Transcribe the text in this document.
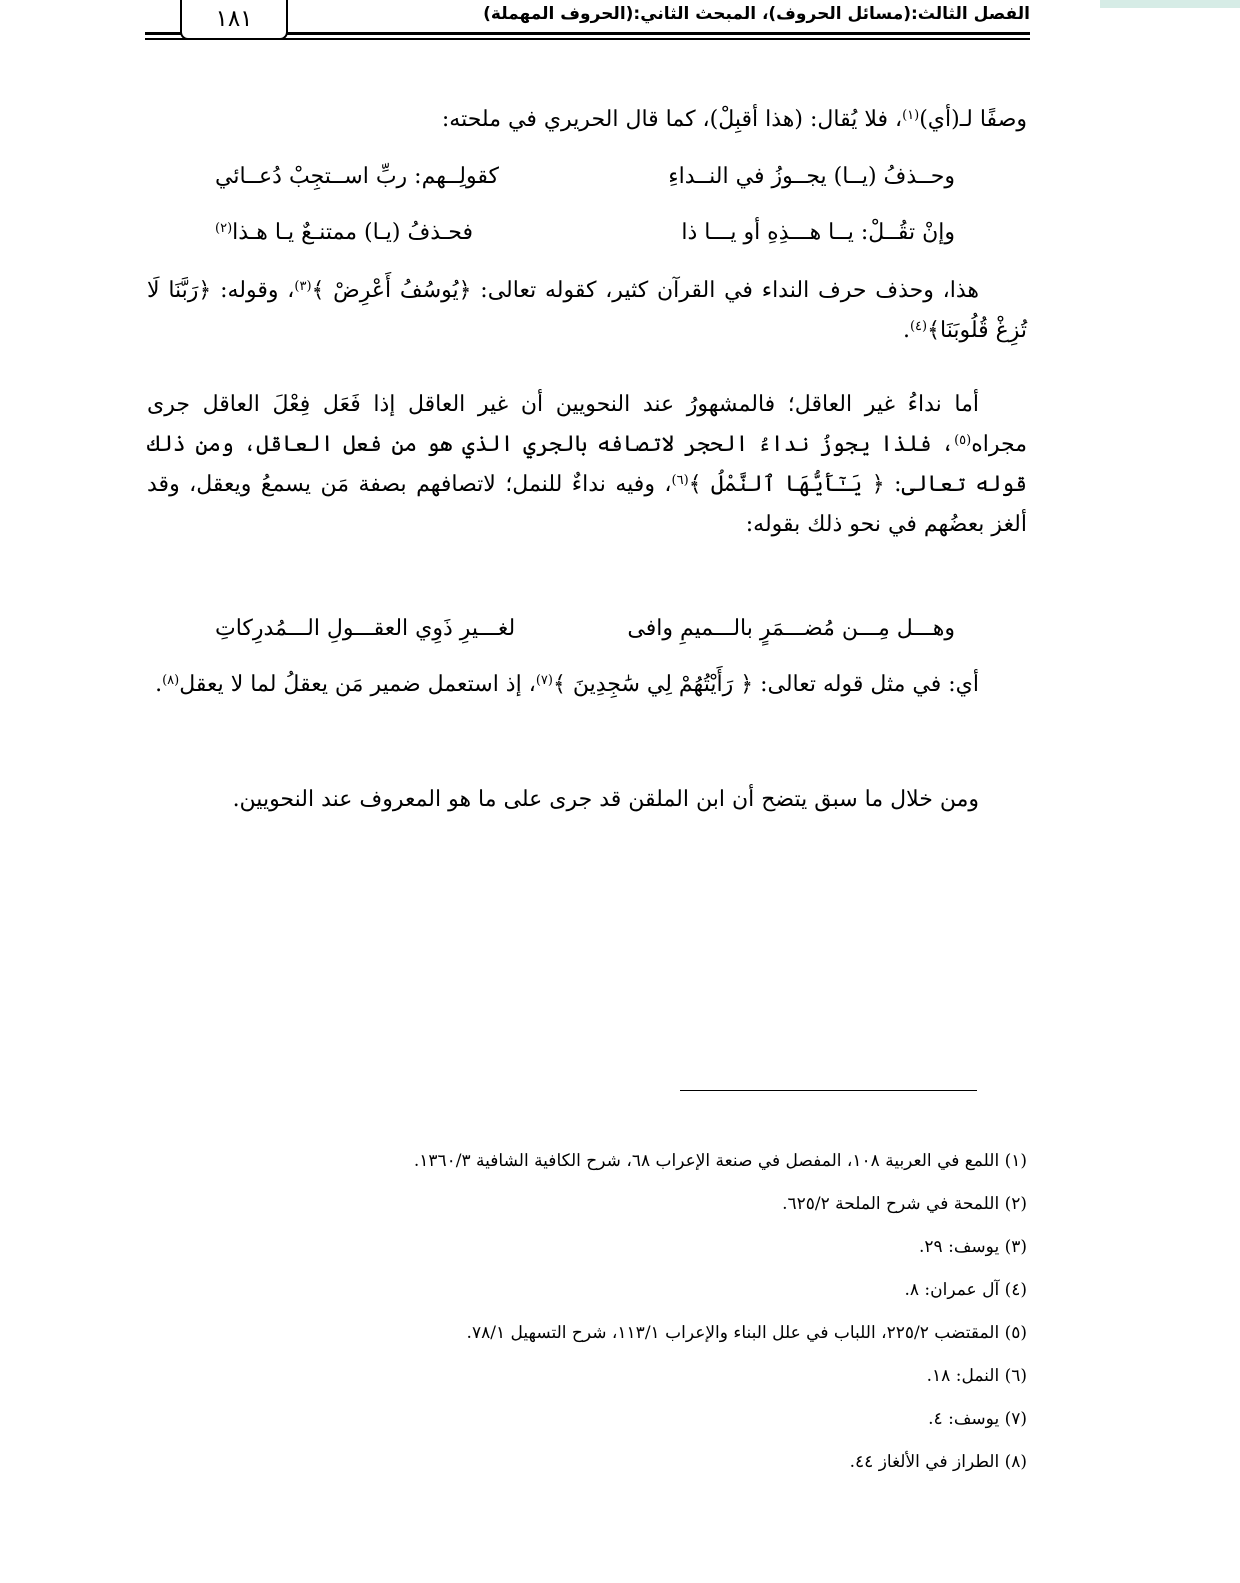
١٨١	الفصل الثالث:(مسائل الحروف)، المبحث الثاني:(الحروف المهملة)

وصفًا لـ(أي)$^{(١)}$، فلا يُقال: (هذا أقبِلْ)، كما قال الحريري في ملحته:

وحــذفُ (يــا) يجــوزُ في النــداءِ
كقولِــهم: ربِّ اســتجِبْ دُعــائي
وإنْ تقُــلْ: يــا هـــذِهِ أو يـــا ذا
فحـذفُ (يـا) ممتنـعٌ يـا هـذا$^{(٢)}$

هذا، وحذف حرف النداء في القرآن كثير، كقوله تعالى: ﴿يُوسُفُ أَعْرِضْ ﴾$^{(٣)}$، وقوله: ﴿رَبَّنَا لَا تُزِغْ قُلُوبَنَا﴾$^{(٤)}$.

أما نداءُ غير العاقل؛ فالمشهورُ عند النحويين أن غير العاقل إذا فَعَل فِعْلَ العاقل جرى مجراه$^{(٥)}$، فلذا يجوزُ نداءُ الحجر لاتصافه بالجري الذي هو من فعل العاقل، ومن ذلك قوله تعالى: ﴿ يَـٰٓأَيُّهَا ٱلنَّمْلُ ﴾$^{(٦)}$، وفيه نداءٌ للنمل؛ لاتصافهم بصفة مَن يسمعُ ويعقل، وقد ألغز بعضُهم في نحو ذلك بقوله:

وهـــل مِـــن مُضـــمَرٍ بالـــميمِ وافى
لغـــيرِ ذَوِي العقـــولِ الـــمُدرِكاتِ

أي: في مثل قوله تعالى: ﴿ رَأَيْتُهُمْ لِي سَٰجِدِينَ ﴾$^{(٧)}$، إذ استعمل ضمير مَن يعقلُ لما لا يعقل$^{(٨)}$.

ومن خلال ما سبق يتضح أن ابن الملقن قد جرى على ما هو المعروف عند النحويين.

(١) اللمع في العربية ١٠٨، المفصل في صنعة الإعراب ٦٨، شرح الكافية الشافية ١٣٦٠/٣.
(٢) اللمحة في شرح الملحة ٦٢٥/٢.
(٣) يوسف: ٢٩.
(٤) آل عمران: ٨.
(٥) المقتضب ٢٢٥/٢، اللباب في علل البناء والإعراب ١١٣/١، شرح التسهيل ٧٨/١.
(٦) النمل: ١٨.
(٧) يوسف: ٤.
(٨) الطراز في الألغاز ٤٤.
